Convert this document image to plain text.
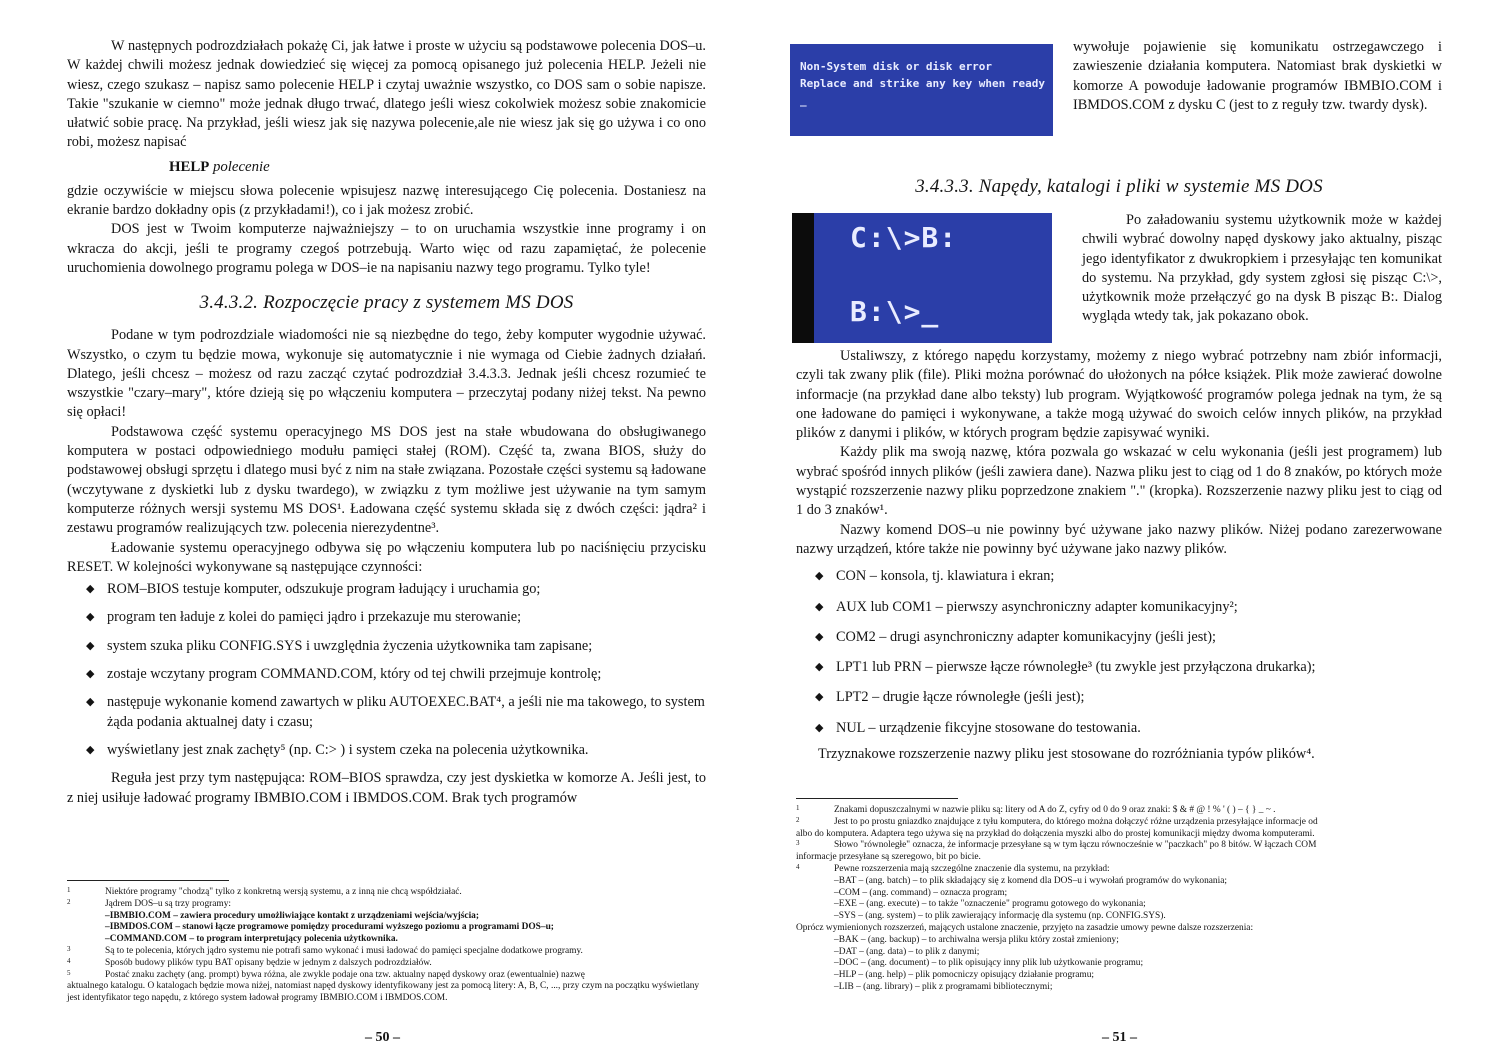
W następnych podrozdziałach pokażę Ci, jak łatwe i proste w użyciu są podstawowe polecenia DOS–u. W każdej chwili możesz jednak dowiedzieć się więcej za pomocą opisanego już polecenia HELP. Jeżeli nie wiesz, czego szukasz – napisz samo polecenie HELP i czytaj uważnie wszystko, co DOS sam o sobie napisze. Takie "szukanie w ciemno" może jednak długo trwać, dlatego jeśli wiesz cokolwiek możesz sobie znakomicie ułatwić sobie pracę. Na przykład, jeśli wiesz jak się nazywa polecenie,ale nie wiesz jak się go używa i co ono robi, możesz napisać

HELP polecenie

gdzie oczywiście w miejscu słowa polecenie wpisujesz nazwę interesującego Cię polecenia. Dostaniesz na ekranie bardzo dokładny opis (z przykładami!), co i jak możesz zrobić.

DOS jest w Twoim komputerze najważniejszy – to on uruchamia wszystkie inne programy i on wkracza do akcji, jeśli te programy czegoś potrzebują. Warto więc od razu zapamiętać, że polecenie uruchomienia dowolnego programu polega w DOS–ie na napisaniu nazwy tego programu. Tylko tyle!

3.4.3.2. Rozpoczęcie pracy z systemem MS DOS

Podane w tym podrozdziale wiadomości nie są niezbędne do tego, żeby komputer wygodnie używać. Wszystko, o czym tu będzie mowa, wykonuje się automatycznie i nie wymaga od Ciebie żadnych działań. Dlatego, jeśli chcesz – możesz od razu zacząć czytać podrozdział 3.4.3.3. Jednak jeśli chcesz rozumieć te wszystkie "czary–mary", które dzieją się po włączeniu komputera – przeczytaj podany niżej tekst. Na pewno się opłaci!

Podstawowa część systemu operacyjnego MS DOS jest na stałe wbudowana do obsługiwanego komputera w postaci odpowiedniego modułu pamięci stałej (ROM). Część ta, zwana BIOS, służy do podstawowej obsługi sprzętu i dlatego musi być z nim na stałe związana. Pozostałe części systemu są ładowane (wczytywane z dyskietki lub z dysku twardego), w związku z tym możliwe jest używanie na tym samym komputerze różnych wersji systemu MS DOS¹. Ładowana część systemu składa się z dwóch części: jądra² i zestawu programów realizujących tzw. polecenia nierezydentne³.

Ładowanie systemu operacyjnego odbywa się po włączeniu komputera lub po naciśnięciu przycisku RESET. W kolejności wykonywane są następujące czynności:

◆ ROM–BIOS testuje komputer, odszukuje program ładujący i uruchamia go;
◆ program ten ładuje z kolei do pamięci jądro i przekazuje mu sterowanie;
◆ system szuka pliku CONFIG.SYS i uwzględnia życzenia użytkownika tam zapisane;
◆ zostaje wczytany program COMMAND.COM, który od tej chwili przejmuje kontrolę;
◆ następuje wykonanie komend zawartych w pliku AUTOEXEC.BAT⁴, a jeśli nie ma takowego, to system żąda podania aktualnej daty i czasu;
◆ wyświetlany jest znak zachęty⁵ (np. C:> ) i system czeka na polecenia użytkownika.

Reguła jest przy tym następująca: ROM–BIOS sprawdza, czy jest dyskietka w komorze A. Jeśli jest, to z niej usiłuje ładować programy IBMBIO.COM i IBMDOS.COM. Brak tych programów

1	Niektóre programy "chodzą" tylko z konkretną wersją systemu, a z inną nie chcą współdziałać.
2	Jądrem DOS–u są trzy programy:
–IBMBIO.COM – zawiera procedury umożliwiające kontakt z urządzeniami wejścia/wyjścia;
–IBMDOS.COM – stanowi łącze programowe pomiędzy procedurami wyższego poziomu a programami DOS–u;
–COMMAND.COM – to program interpretujący polecenia użytkownika.
3	Są to te polecenia, których jądro systemu nie potrafi samo wykonać i musi ładować do pamięci specjalne dodatkowe programy.
4	Sposób budowy plików typu BAT opisany będzie w jednym z dalszych podrozdziałów.
5	Postać znaku zachęty (ang. prompt) bywa różna, ale zwykle podaje ona tzw. aktualny napęd dyskowy oraz (ewentualnie) nazwę
aktualnego katalogu. O katalogach będzie mowa niżej, natomiast napęd dyskowy identyfikowany jest za pomocą litery: A, B, C, ..., przy czym na początku wyświetlany jest identyfikator tego napędu, z którego system ładował programy IBMBIO.COM i IBMDOS.COM.
– 50 –
Non-System disk or disk error
Replace and strike any key when ready
_

wywołuje pojawienie się komunikatu ostrzegawczego i zawieszenie działania komputera. Natomiast brak dyskietki w komorze A powoduje ładowanie programów IBMBIO.COM i IBMDOS.COM z dysku C (jest to z reguły tzw. twardy dysk).

3.4.3.3. Napędy, katalogi i pliki w systemie MS DOS
C:\>B:
B:\>_

Po załadowaniu systemu użytkownik może w każdej chwili wybrać dowolny napęd dyskowy jako aktualny, pisząc jego identyfikator z dwukropkiem i przesyłając ten komunikat do systemu. Na przykład, gdy system zgłosi się pisząc C:\>, użytkownik może przełączyć go na dysk B pisząc B:. Dialog wygląda wtedy tak, jak pokazano obok.

Ustaliwszy, z którego napędu korzystamy, możemy z niego wybrać potrzebny nam zbiór informacji, czyli tak zwany plik (file). Pliki można porównać do ułożonych na półce książek. Plik może zawierać dowolne informacje (na przykład dane albo teksty) lub program. Wyjątkowość programów polega jednak na tym, że są one ładowane do pamięci i wykonywane, a także mogą używać do swoich celów innych plików, na przykład plików z danymi i plików, w których program będzie zapisywać wyniki.

Każdy plik ma swoją nazwę, która pozwala go wskazać w celu wykonania (jeśli jest programem) lub wybrać spośród innych plików (jeśli zawiera dane). Nazwa pliku jest to ciąg od 1 do 8 znaków, po których może wystąpić rozszerzenie nazwy pliku poprzedzone znakiem "." (kropka). Rozszerzenie nazwy pliku jest to ciąg od 1 do 3 znaków¹.

Nazwy komend DOS–u nie powinny być używane jako nazwy plików. Niżej podano zarezerwowane nazwy urządzeń, które także nie powinny być używane jako nazwy plików.

◆ CON – konsola, tj. klawiatura i ekran;
◆ AUX lub COM1 – pierwszy asynchroniczny adapter komunikacyjny²;
◆ COM2 – drugi asynchroniczny adapter komunikacyjny (jeśli jest);
◆ LPT1 lub PRN – pierwsze łącze równoległe³ (tu zwykle jest przyłączona drukarka);
◆ LPT2 – drugie łącze równoległe (jeśli jest);
◆ NUL – urządzenie fikcyjne stosowane do testowania.

Trzyznakowe rozszerzenie nazwy pliku jest stosowane do rozróżniania typów plików⁴.

1	Znakami dopuszczalnymi w nazwie pliku są: litery od A do Z, cyfry od 0 do 9 oraz znaki: $ & # @ ! % ' ( ) – { } _ ~ .
2	Jest to po prostu gniazdko znajdujące z tyłu komputera, do którego można dołączyć różne urządzenia przesyłające informacje od
albo do komputera. Adaptera tego używa się na przykład do dołączenia myszki albo do prostej komunikacji między dwoma komputerami.
3	Słowo "równoległe" oznacza, że informacje przesyłane są w tym łączu równocześnie w "paczkach" po 8 bitów. W łączach COM
informacje przesyłane są szeregowo, bit po bicie.
4	Pewne rozszerzenia mają szczególne znaczenie dla systemu, na przykład:
–BAT – (ang. batch) – to plik składający się z komend dla DOS–u i wywołań programów do wykonania;
–COM – (ang. command) – oznacza program;
–EXE – (ang. execute) – to także "oznaczenie" programu gotowego do wykonania;
–SYS – (ang. system) – to plik zawierający informację dla systemu (np. CONFIG.SYS).
Oprócz wymienionych rozszerzeń, mających ustalone znaczenie, przyjęto na zasadzie umowy pewne dalsze rozszerzenia:
–BAK – (ang. backup) – to archiwalna wersja pliku który został zmieniony;
–DAT – (ang. data) – to plik z danymi;
–DOC – (ang. document) – to plik opisujący inny plik lub użytkowanie programu;
–HLP – (ang. help) – plik pomocniczy opisujący działanie programu;
–LIB – (ang. library) – plik z programami bibliotecznymi;
– 51 –
